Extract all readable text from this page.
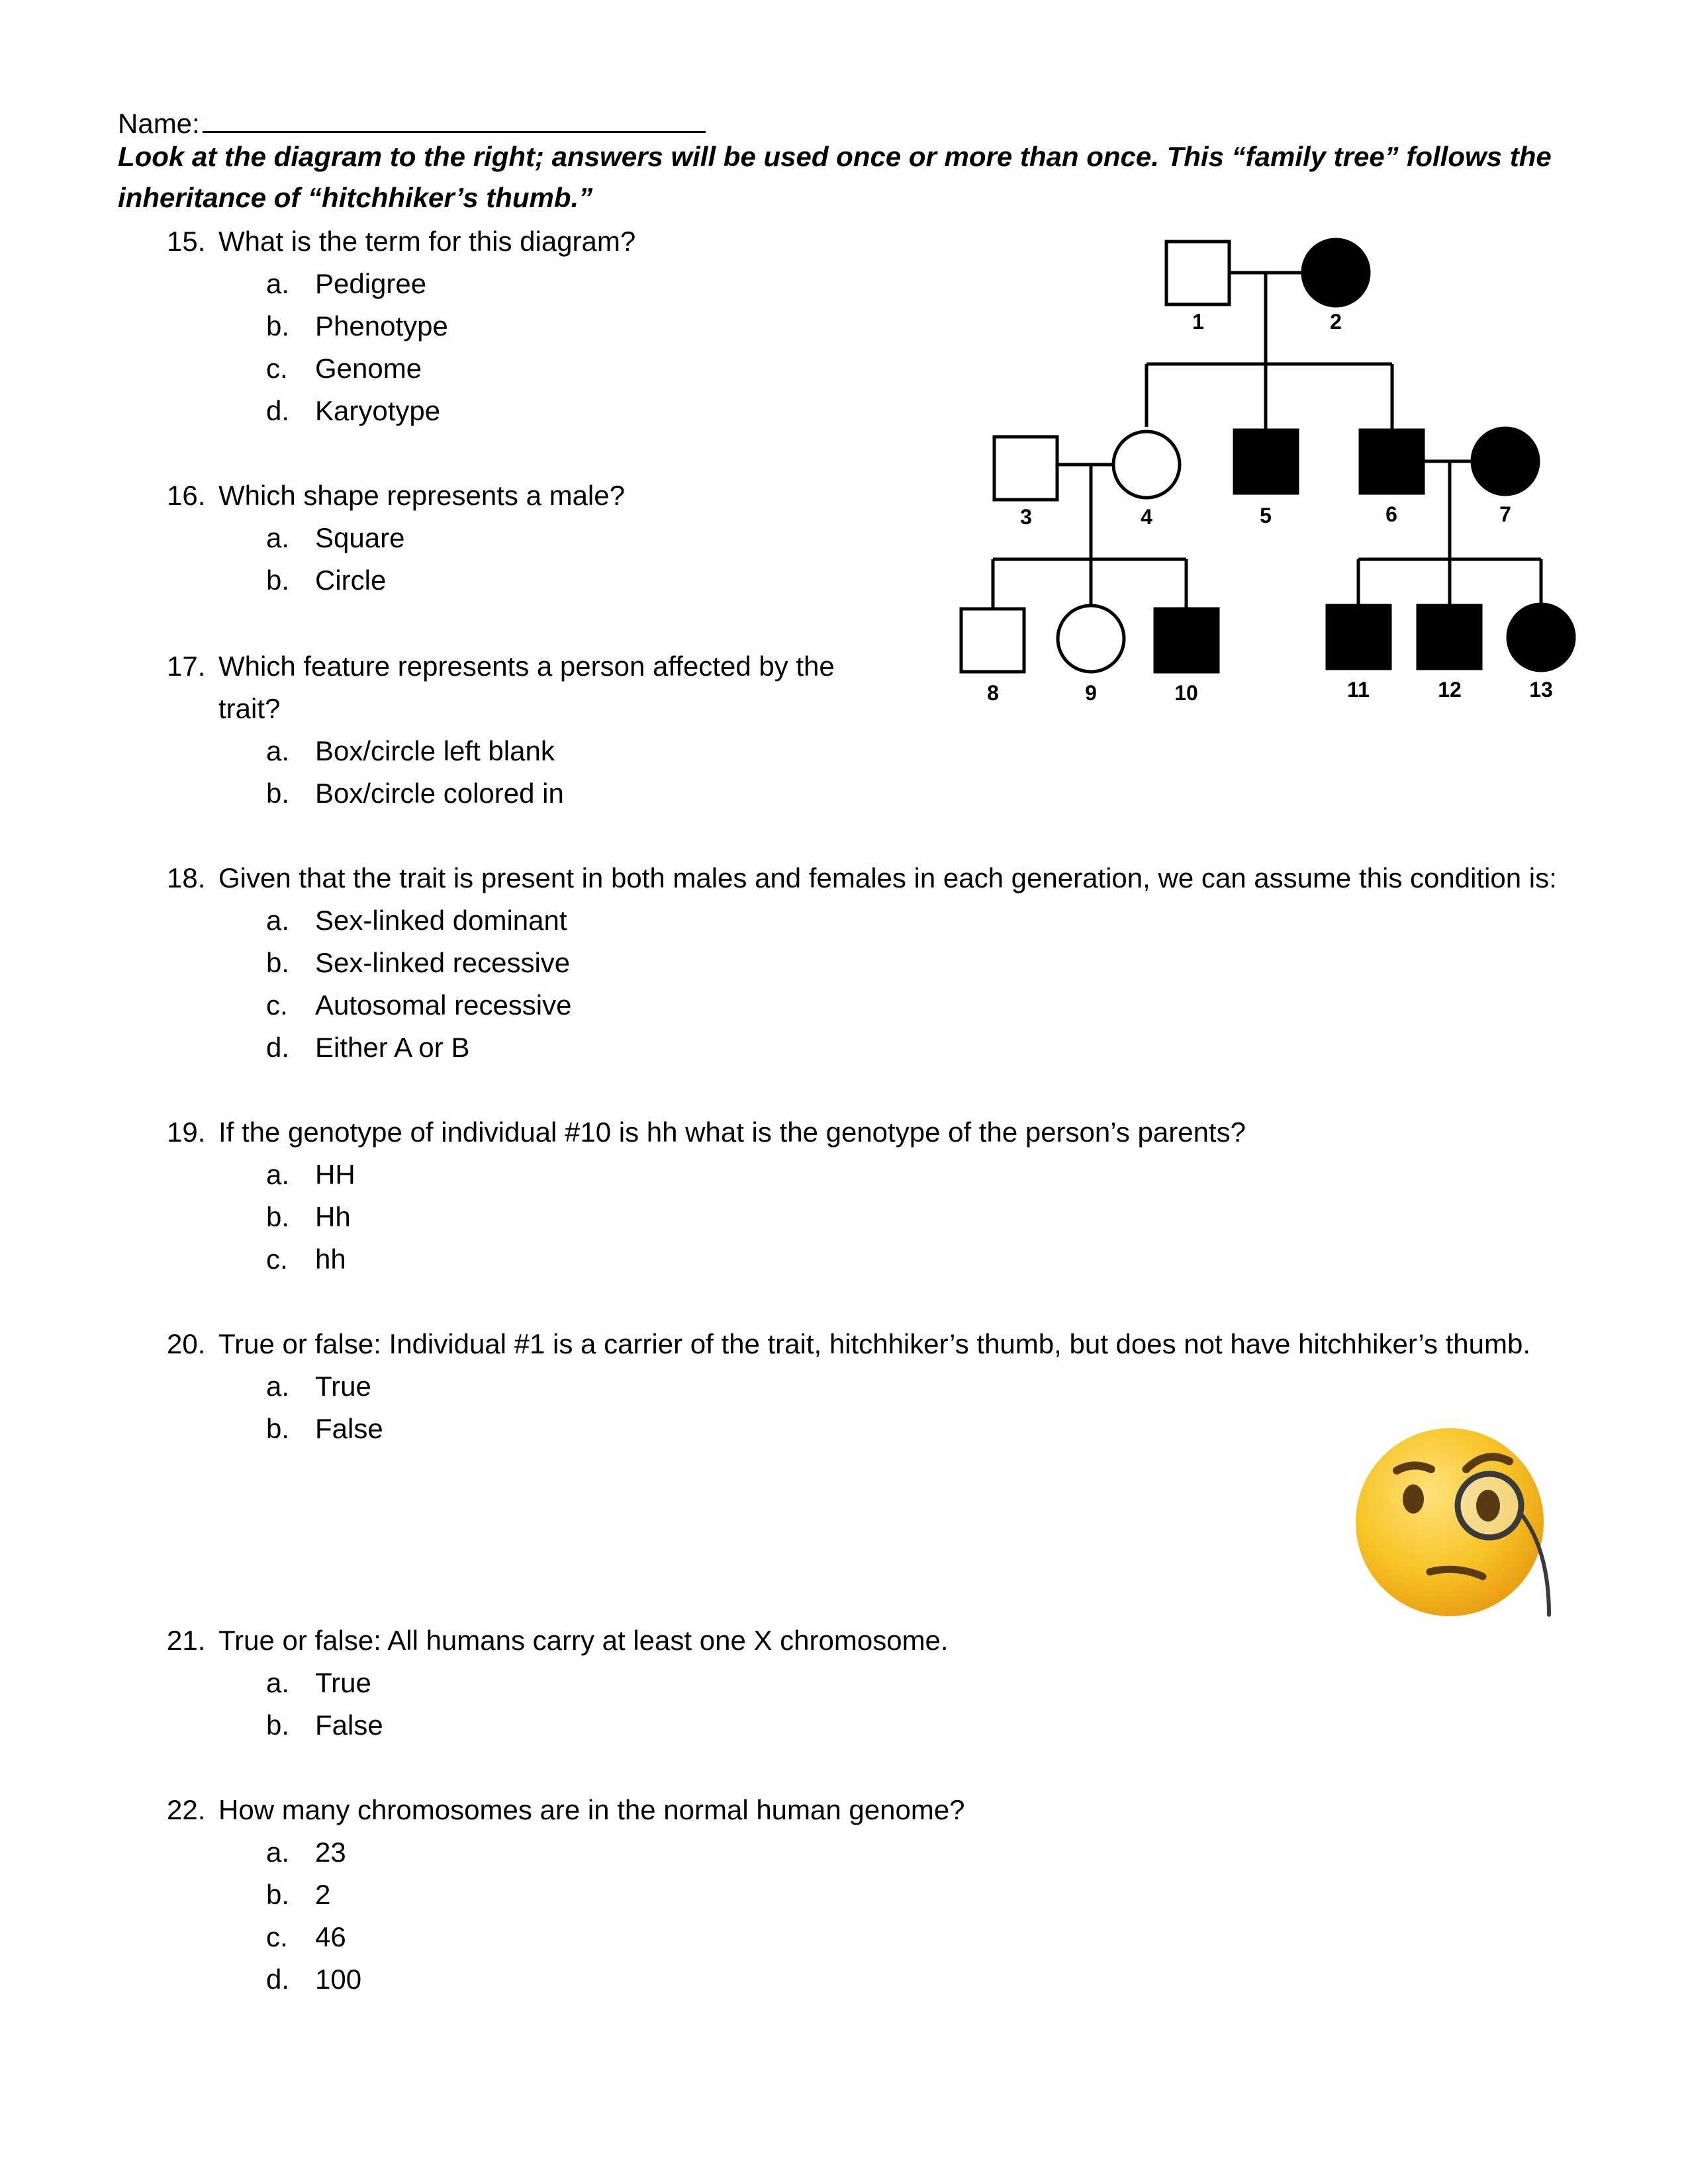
Name:
Look at the diagram to the right; answers will be used once or more than once. This “family tree” follows the
inheritance of “hitchhiker’s thumb.”
15. What is the term for this diagram?
a. Pedigree
b. Phenotype
c. Genome
d. Karyotype
16. Which shape represents a male?
a. Square
b. Circle
17. Which feature represents a person affected by the
trait?
a. Box/circle left blank
b. Box/circle colored in
18. Given that the trait is present in both males and females in each generation, we can assume this condition is:
a. Sex-linked dominant
b. Sex-linked recessive
c. Autosomal recessive
d. Either A or B
19. If the genotype of individual #10 is hh what is the genotype of the person’s parents?
a. HH
b. Hh
c. hh
20. True or false: Individual #1 is a carrier of the trait, hitchhiker’s thumb, but does not have hitchhiker’s thumb.
a. True
b. False
21. True or false: All humans carry at least one X chromosome.
a. True
b. False
22. How many chromosomes are in the normal human genome?
a. 23
b. 2
c. 46
d. 100
1	2
3	4	5	6	7
8	9	10	11	12	13
